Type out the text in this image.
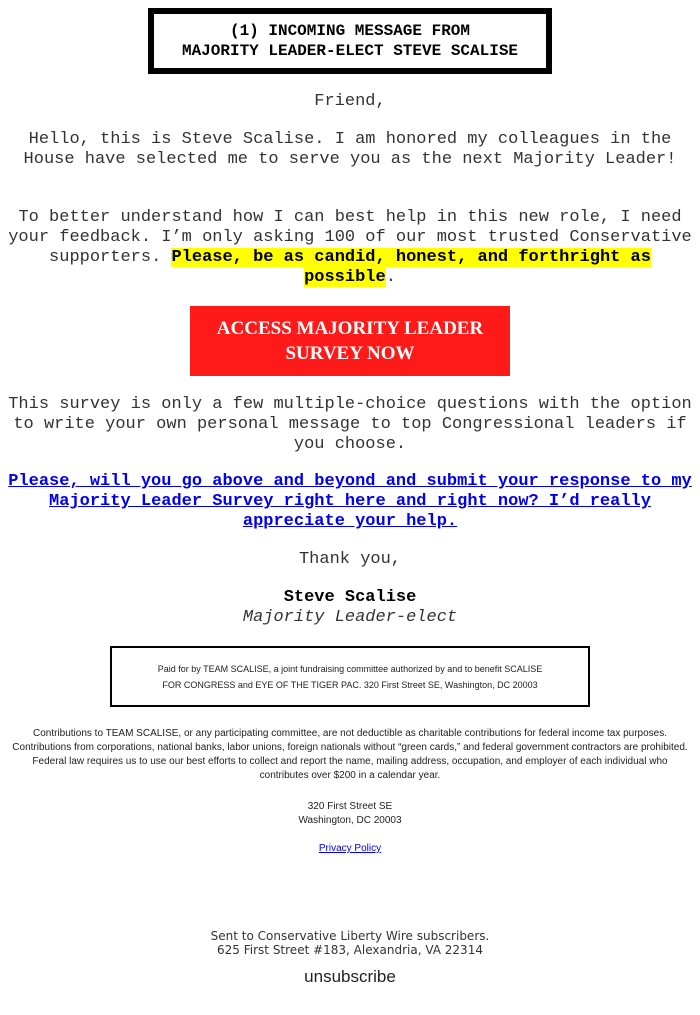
(1) INCOMING MESSAGE FROM
MAJORITY LEADER-ELECT STEVE SCALISE
Friend,
Hello, this is Steve Scalise. I am honored my colleagues in the House have selected me to serve you as the next Majority Leader!
To better understand how I can best help in this new role, I need your feedback. I’m only asking 100 of our most trusted Conservative supporters. Please, be as candid, honest, and forthright as possible.
ACCESS MAJORITY LEADER
SURVEY NOW
This survey is only a few multiple-choice questions with the option to write your own personal message to top Congressional leaders if you choose.
Please, will you go above and beyond and submit your response to my Majority Leader Survey right here and right now? I’d really appreciate your help.
Thank you,
Steve Scalise
Majority Leader-elect
Paid for by TEAM SCALISE, a joint fundraising committee authorized by and to benefit SCALISE
FOR CONGRESS and EYE OF THE TIGER PAC. 320 First Street SE, Washington, DC 20003
Contributions to TEAM SCALISE, or any participating committee, are not deductible as charitable contributions for federal income tax purposes. Contributions from corporations, national banks, labor unions, foreign nationals without “green cards,” and federal government contractors are prohibited. Federal law requires us to use our best efforts to collect and report the name, mailing address, occupation, and employer of each individual who contributes over $200 in a calendar year.
320 First Street SE
Washington, DC 20003
Privacy Policy
Sent to Conservative Liberty Wire subscribers.
625 First Street #183, Alexandria, VA 22314
unsubscribe
